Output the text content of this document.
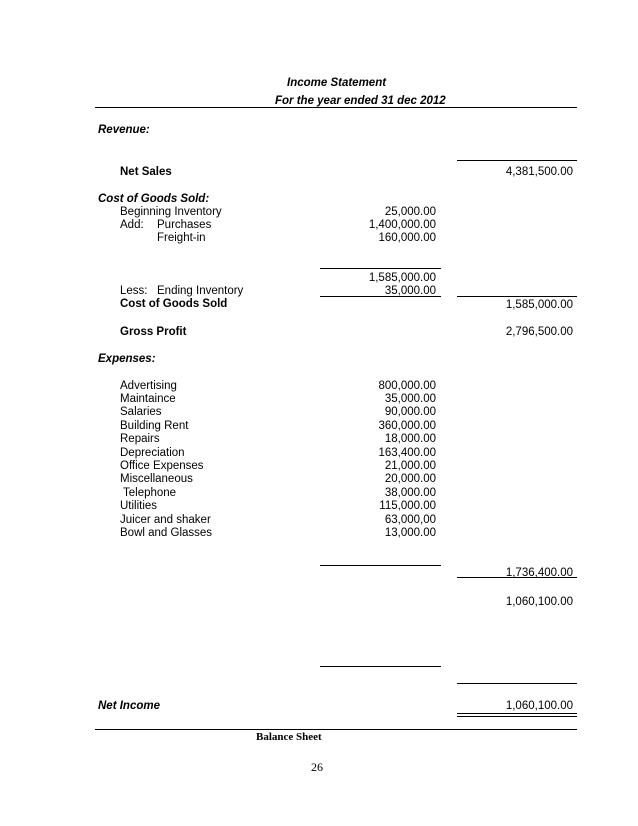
Income Statement
For the year ended 31 dec 2012
Revenue:
Net Sales	4,381,500.00
Cost of Goods Sold:
Beginning Inventory	25,000.00
Add: Purchases	1,400,000.00
Freight-in	160,000.00
1,585,000.00
Less: Ending Inventory	35,000.00
Cost of Goods Sold	1,585,000.00
Gross Profit	2,796,500.00
Expenses:
Advertising	800,000.00
Maintaince	35,000.00
Salaries	90,000.00
Building Rent	360,000.00
Repairs	18,000.00
Depreciation	163,400.00
Office Expenses	21,000.00
Miscellaneous	20,000.00
Telephone	38,000.00
Utilities	115,000.00
Juicer and shaker	63,000,00
Bowl and Glasses	13,000.00
1,736,400.00
1,060,100.00
Net Income	1,060,100.00
Balance Sheet
26
